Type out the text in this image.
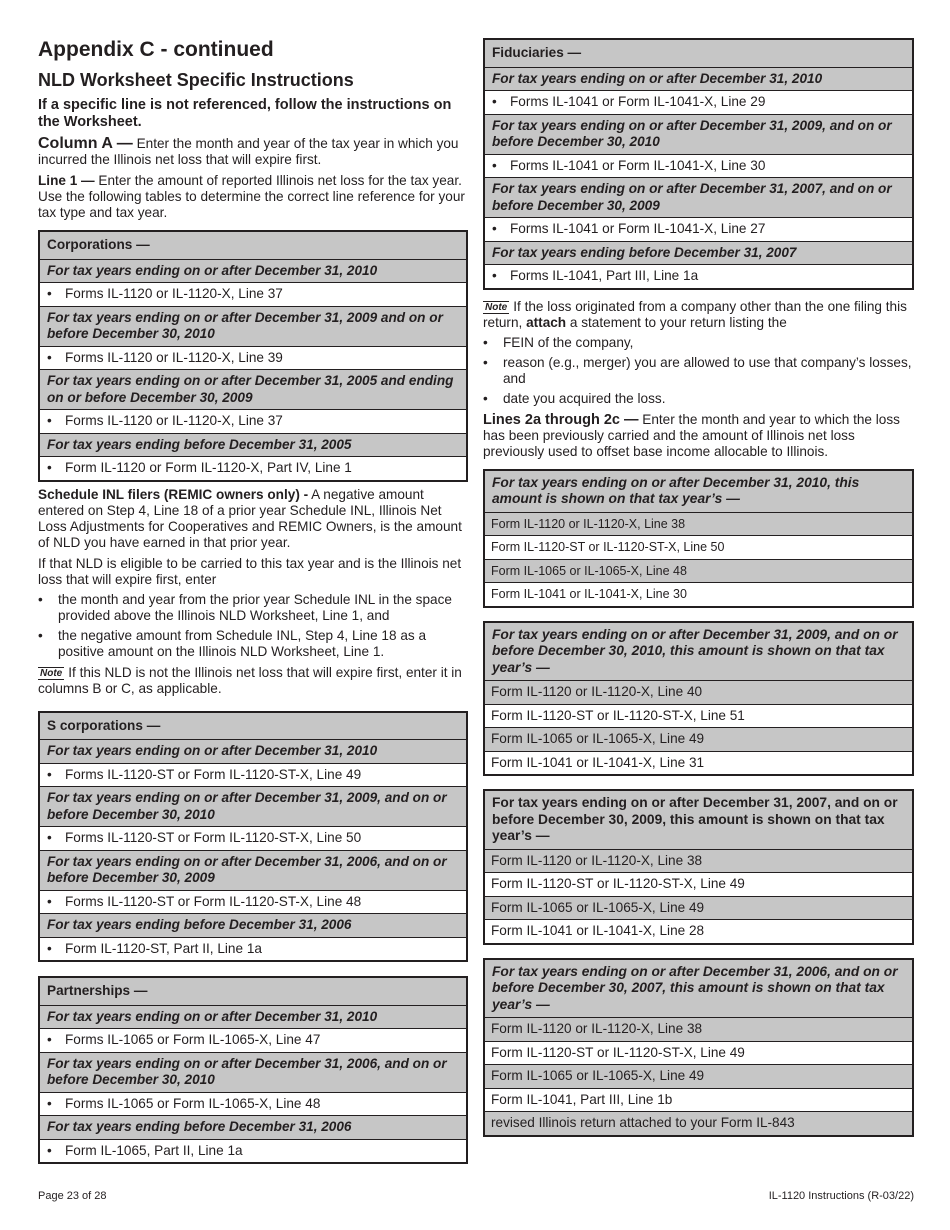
Appendix C - continued
NLD Worksheet Specific Instructions
If a specific line is not referenced, follow the instructions on the Worksheet.

Column A — Enter the month and year of the tax year in which you incurred the Illinois net loss that will expire first.

Line 1 — Enter the amount of reported Illinois net loss for the tax year. Use the following tables to determine the correct line reference for your tax type and tax year.

Corporations —
For tax years ending on or after December 31, 2010
• Forms IL-1120 or IL-1120-X, Line 37
For tax years ending on or after December 31, 2009 and on or before December 30, 2010
• Forms IL-1120 or IL-1120-X, Line 39
For tax years ending on or after December 31, 2005 and ending on or before December 30, 2009
• Forms IL-1120 or IL-1120-X, Line 37
For tax years ending before December 31, 2005
• Form IL-1120 or Form IL-1120-X, Part IV, Line 1

Schedule INL filers (REMIC owners only) - A negative amount entered on Step 4, Line 18 of a prior year Schedule INL, Illinois Net Loss Adjustments for Cooperatives and REMIC Owners, is the amount of NLD you have earned in that prior year.

If that NLD is eligible to be carried to this tax year and is the Illinois net loss that will expire first, enter

• the month and year from the prior year Schedule INL in the space provided above the Illinois NLD Worksheet, Line 1, and
• the negative amount from Schedule INL, Step 4, Line 18 as a positive amount on the Illinois NLD Worksheet, Line 1.

Note If this NLD is not the Illinois net loss that will expire first, enter it in columns B or C, as applicable.

S corporations —
For tax years ending on or after December 31, 2010
• Forms IL-1120-ST or Form IL-1120-ST-X, Line 49
For tax years ending on or after December 31, 2009, and on or before December 30, 2010
• Forms IL-1120-ST or Form IL-1120-ST-X, Line 50
For tax years ending on or after December 31, 2006, and on or before December 30, 2009
• Forms IL-1120-ST or Form IL-1120-ST-X, Line 48
For tax years ending before December 31, 2006
• Form IL-1120-ST, Part II, Line 1a
Partnerships —
For tax years ending on or after December 31, 2010
• Forms IL-1065 or Form IL-1065-X, Line 47
For tax years ending on or after December 31, 2006, and on or before December 30, 2010
• Forms IL-1065 or Form IL-1065-X, Line 48
For tax years ending before December 31, 2006
• Form IL-1065, Part II, Line 1a
Fiduciaries —
For tax years ending on or after December 31, 2010
• Forms IL-1041 or Form IL-1041-X, Line 29
For tax years ending on or after December 31, 2009, and on or before December 30, 2010
• Forms IL-1041 or Form IL-1041-X, Line 30
For tax years ending on or after December 31, 2007, and on or before December 30, 2009
• Forms IL-1041 or Form IL-1041-X, Line 27
For tax years ending before December 31, 2007
• Forms IL-1041, Part III, Line 1a

Note If the loss originated from a company other than the one filing this return, attach a statement to your return listing the

• FEIN of the company,
• reason (e.g., merger) you are allowed to use that company’s losses, and
• date you acquired the loss.

Lines 2a through 2c — Enter the month and year to which the loss has been previously carried and the amount of Illinois net loss previously used to offset base income allocable to Illinois.

For tax years ending on or after December 31, 2010, this amount is shown on that tax year’s —
Form IL-1120 or IL-1120-X, Line 38
Form IL-1120-ST or IL-1120-ST-X, Line 50
Form IL-1065 or IL-1065-X, Line 48
Form IL-1041 or IL-1041-X, Line 30
For tax years ending on or after December 31, 2009, and on or before December 30, 2010, this amount is shown on that tax year’s —
Form IL-1120 or IL-1120-X, Line 40
Form IL-1120-ST or IL-1120-ST-X, Line 51
Form IL-1065 or IL-1065-X, Line 49
Form IL-1041 or IL-1041-X, Line 31
For tax years ending on or after December 31, 2007, and on or before December 30, 2009, this amount is shown on that tax year’s —
Form IL-1120 or IL-1120-X, Line 38
Form IL-1120-ST or IL-1120-ST-X, Line 49
Form IL-1065 or IL-1065-X, Line 49
Form IL-1041 or IL-1041-X, Line 28
For tax years ending on or after December 31, 2006, and on or before December 30, 2007, this amount is shown on that tax year’s —
Form IL-1120 or IL-1120-X, Line 38
Form IL-1120-ST or IL-1120-ST-X, Line 49
Form IL-1065 or IL-1065-X, Line 49
Form IL-1041, Part III, Line 1b
revised Illinois return attached to your Form IL-843
Page 23 of 28	IL-1120 Instructions (R-03/22)
